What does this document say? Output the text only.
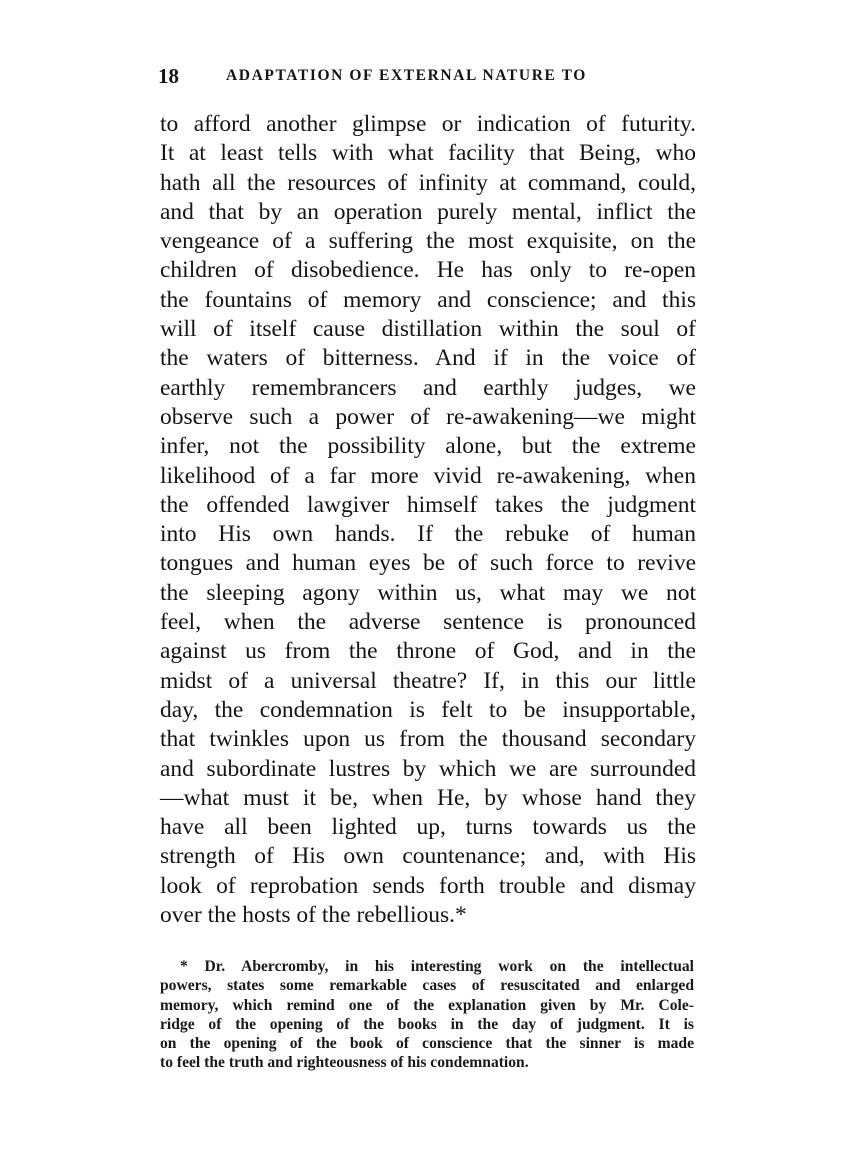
18	ADAPTATION OF EXTERNAL NATURE TO
to afford another glimpse or indication of futurity.
It at least tells with what facility that Being, who
hath all the resources of infinity at command, could,
and that by an operation purely mental, inflict the
vengeance of a suffering the most exquisite, on the
children of disobedience. He has only to re-open
the fountains of memory and conscience; and this
will of itself cause distillation within the soul of
the waters of bitterness. And if in the voice of
earthly remembrancers and earthly judges, we
observe such a power of re-awakening—we might
infer, not the possibility alone, but the extreme
likelihood of a far more vivid re-awakening, when
the offended lawgiver himself takes the judgment
into His own hands. If the rebuke of human
tongues and human eyes be of such force to revive
the sleeping agony within us, what may we not
feel, when the adverse sentence is pronounced
against us from the throne of God, and in the
midst of a universal theatre? If, in this our little
day, the condemnation is felt to be insupportable,
that twinkles upon us from the thousand secondary
and subordinate lustres by which we are surrounded
—what must it be, when He, by whose hand they
have all been lighted up, turns towards us the
strength of His own countenance; and, with His
look of reprobation sends forth trouble and dismay
over the hosts of the rebellious.*
* Dr. Abercromby, in his interesting work on the intellectual
powers, states some remarkable cases of resuscitated and enlarged
memory, which remind one of the explanation given by Mr. Cole-
ridge of the opening of the books in the day of judgment. It is
on the opening of the book of conscience that the sinner is made
to feel the truth and righteousness of his condemnation.
